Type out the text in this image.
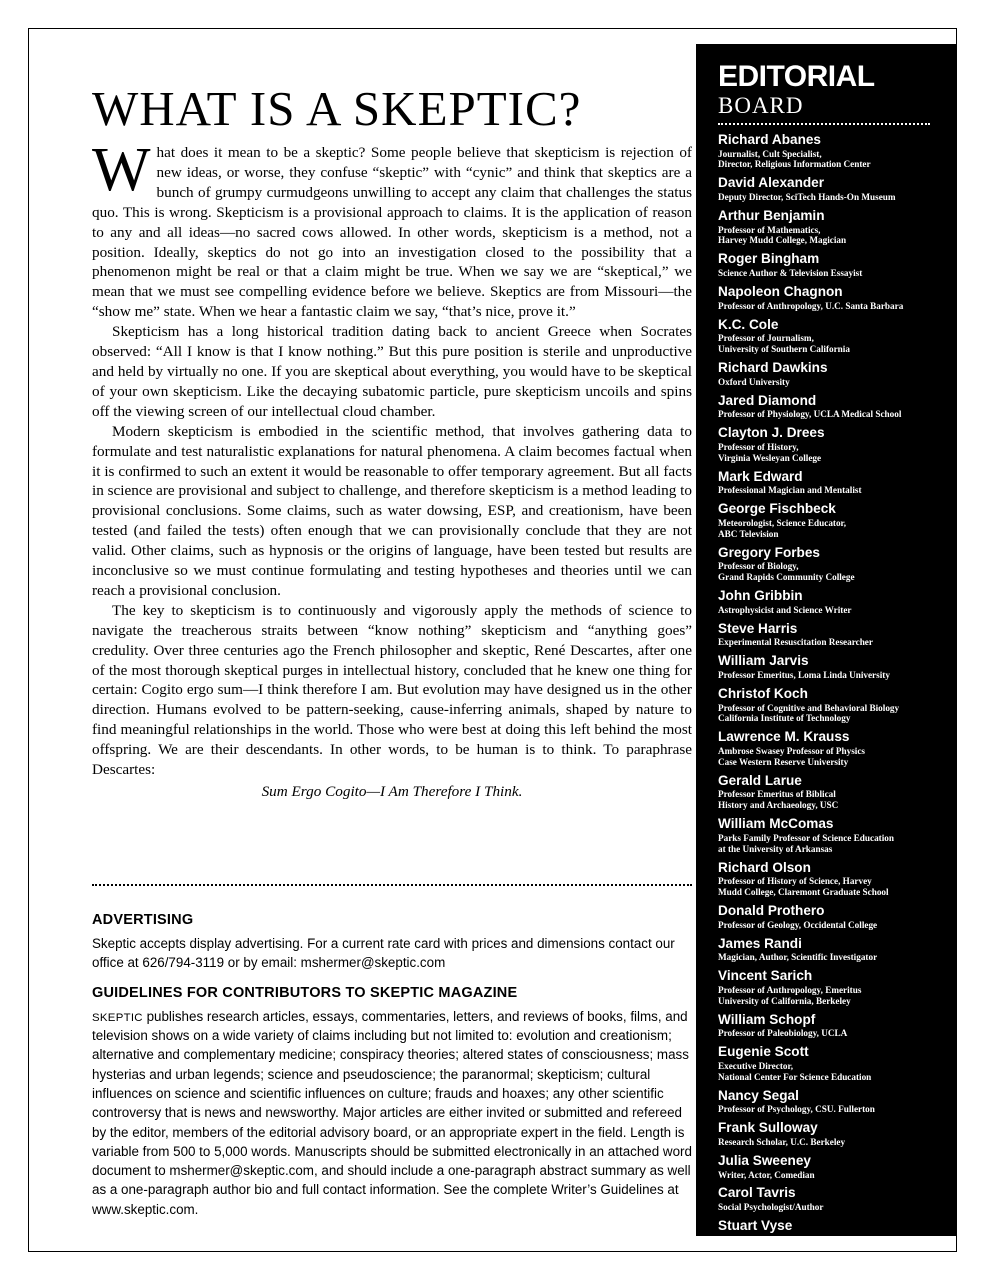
WHAT IS A SKEPTIC?

What does it mean to be a skeptic? Some people believe that skepticism is rejection of new ideas, or worse, they confuse “skeptic” with “cynic” and think that skeptics are a bunch of grumpy curmudgeons unwilling to accept any claim that challenges the status quo. This is wrong. Skepticism is a provisional approach to claims. It is the application of reason to any and all ideas—no sacred cows allowed. In other words, skepticism is a method, not a position. Ideally, skeptics do not go into an investigation closed to the possibility that a phenomenon might be real or that a claim might be true. When we say we are “skeptical,” we mean that we must see compelling evidence before we believe. Skeptics are from Missouri—the “show me” state. When we hear a fantastic claim we say, “that’s nice, prove it.”

Skepticism has a long historical tradition dating back to ancient Greece when Socrates observed: “All I know is that I know nothing.” But this pure position is sterile and unproductive and held by virtually no one. If you are skeptical about everything, you would have to be skeptical of your own skepticism. Like the decaying subatomic particle, pure skepticism uncoils and spins off the viewing screen of our intellectual cloud chamber.

Modern skepticism is embodied in the scientific method, that involves gathering data to formulate and test naturalistic explanations for natural phenomena. A claim becomes factual when it is confirmed to such an extent it would be reasonable to offer temporary agreement. But all facts in science are provisional and subject to challenge, and therefore skepticism is a method leading to provisional conclusions. Some claims, such as water dowsing, ESP, and creationism, have been tested (and failed the tests) often enough that we can provisionally conclude that they are not valid. Other claims, such as hypnosis or the origins of language, have been tested but results are inconclusive so we must continue formulating and testing hypotheses and theories until we can reach a provisional conclusion.

The key to skepticism is to continuously and vigorously apply the methods of science to navigate the treacherous straits between “know nothing” skepticism and “anything goes” credulity. Over three centuries ago the French philosopher and skeptic, René Descartes, after one of the most thorough skeptical purges in intellectual history, concluded that he knew one thing for certain: Cogito ergo sum—I think therefore I am. But evolution may have designed us in the other direction. Humans evolved to be pattern-seeking, cause-inferring animals, shaped by nature to find meaningful relationships in the world. Those who were best at doing this left behind the most offspring. We are their descendants. In other words, to be human is to think. To paraphrase Descartes:

Sum Ergo Cogito—I Am Therefore I Think.
ADVERTISING

Skeptic accepts display advertising. For a current rate card with prices and dimensions contact our office at 626/794-3119 or by email: mshermer@skeptic.com

GUIDELINES FOR CONTRIBUTORS TO SKEPTIC MAGAZINE

SKEPTIC publishes research articles, essays, commentaries, letters, and reviews of books, films, and television shows on a wide variety of claims including but not limited to: evolution and creationism; alternative and complementary medicine; conspiracy theories; altered states of consciousness; mass hysterias and urban legends; science and pseudoscience; the paranormal; skepticism; cultural influences on science and scientific influences on culture; frauds and hoaxes; any other scientific controversy that is news and newsworthy. Major articles are either invited or submitted and refereed by the editor, members of the editorial advisory board, or an appropriate expert in the field. Length is variable from 500 to 5,000 words. Manuscripts should be submitted electronically in an attached word document to mshermer@skeptic.com, and should include a one-paragraph abstract summary as well as a one-paragraph author bio and full contact information. See the complete Writer’s Guidelines at www.skeptic.com.

EDITORIAL
BOARD
Richard Abanes
Journalist, Cult Specialist,
Director, Religious Information Center
David Alexander
Deputy Director, SciTech Hands-On Museum
Arthur Benjamin
Professor of Mathematics,
Harvey Mudd College, Magician
Roger Bingham
Science Author & Television Essayist
Napoleon Chagnon
Professor of Anthropology, U.C. Santa Barbara
K.C. Cole
Professor of Journalism,
University of Southern California
Richard Dawkins
Oxford University
Jared Diamond
Professor of Physiology, UCLA Medical School
Clayton J. Drees
Professor of History,
Virginia Wesleyan College
Mark Edward
Professional Magician and Mentalist
George Fischbeck
Meteorologist, Science Educator,
ABC Television
Gregory Forbes
Professor of Biology,
Grand Rapids Community College
John Gribbin
Astrophysicist and Science Writer
Steve Harris
Experimental Resuscitation Researcher
William Jarvis
Professor Emeritus, Loma Linda University
Christof Koch
Professor of Cognitive and Behavioral Biology
California Institute of Technology
Lawrence M. Krauss
Ambrose Swasey Professor of Physics
Case Western Reserve University
Gerald Larue
Professor Emeritus of Biblical
History and Archaeology, USC
William McComas
Parks Family Professor of Science Education
at the University of Arkansas
Richard Olson
Professor of History of Science, Harvey
Mudd College, Claremont Graduate School
Donald Prothero
Professor of Geology, Occidental College
James Randi
Magician, Author, Scientific Investigator
Vincent Sarich
Professor of Anthropology, Emeritus
University of California, Berkeley
William Schopf
Professor of Paleobiology, UCLA
Eugenie Scott
Executive Director,
National Center For Science Education
Nancy Segal
Professor of Psychology, CSU. Fullerton
Frank Sulloway
Research Scholar, U.C. Berkeley
Julia Sweeney
Writer, Actor, Comedian
Carol Tavris
Social Psychologist/Author
Stuart Vyse
Professor of Psychology, Connecticut College
